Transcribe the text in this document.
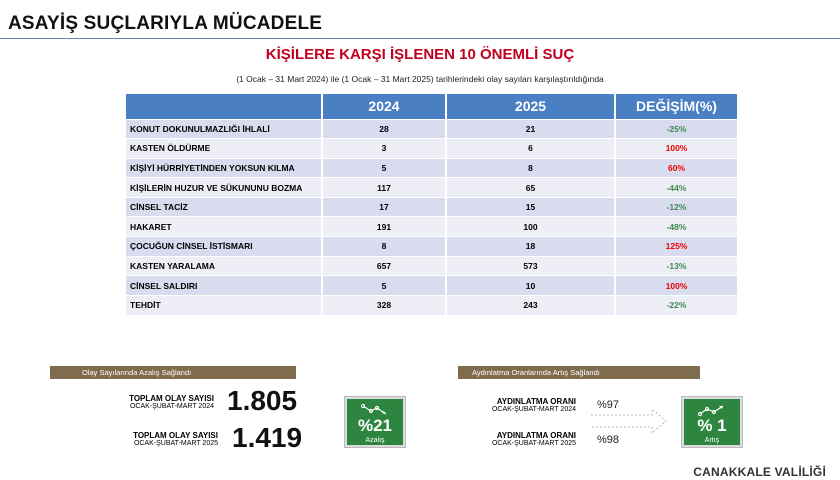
ASAYİŞ SUÇLARIYLA MÜCADELE
KİŞİLERE KARŞI İŞLENEN 10 ÖNEMLİ SUÇ
(1 Ocak – 31 Mart 2024) ile (1 Ocak – 31 Mart 2025) tarihlerindeki olay sayıları karşılaştırıldığında
	2024	2025	DEĞİŞİM(%)
KONUT DOKUNULMAZLIĞI İHLALİ	28	21	-25%
KASTEN ÖLDÜRME	3	6	100%
KİŞİYİ HÜRRİYETİNDEN YOKSUN KILMA	5	8	60%
KİŞİLERİN HUZUR VE SÜKUNUNU BOZMA	117	65	-44%
CİNSEL TACİZ	17	15	-12%
HAKARET	191	100	-48%
ÇOCUĞUN CİNSEL İSTİSMARI	8	18	125%
KASTEN YARALAMA	657	573	-13%
CİNSEL SALDIRI	5	10	100%
TEHDİT	328	243	-22%
Olay Sayılarında Azalış Sağlandı
TOPLAM OLAY SAYISI
OCAK-ŞUBAT-MART 2024 1.805
TOPLAM OLAY SAYISI
OCAK-ŞUBAT-MART 2025 1.419	%21
Azalış
Aydınlatma Oranlarında Artış Sağlandı
AYDINLATMA ORANI
OCAK-ŞUBAT-MART 2024 %97
AYDINLATMA ORANI
OCAK-ŞUBAT-MART 2025 %98
% 1
Artış
CANAKKALE VALİLİĞİ
